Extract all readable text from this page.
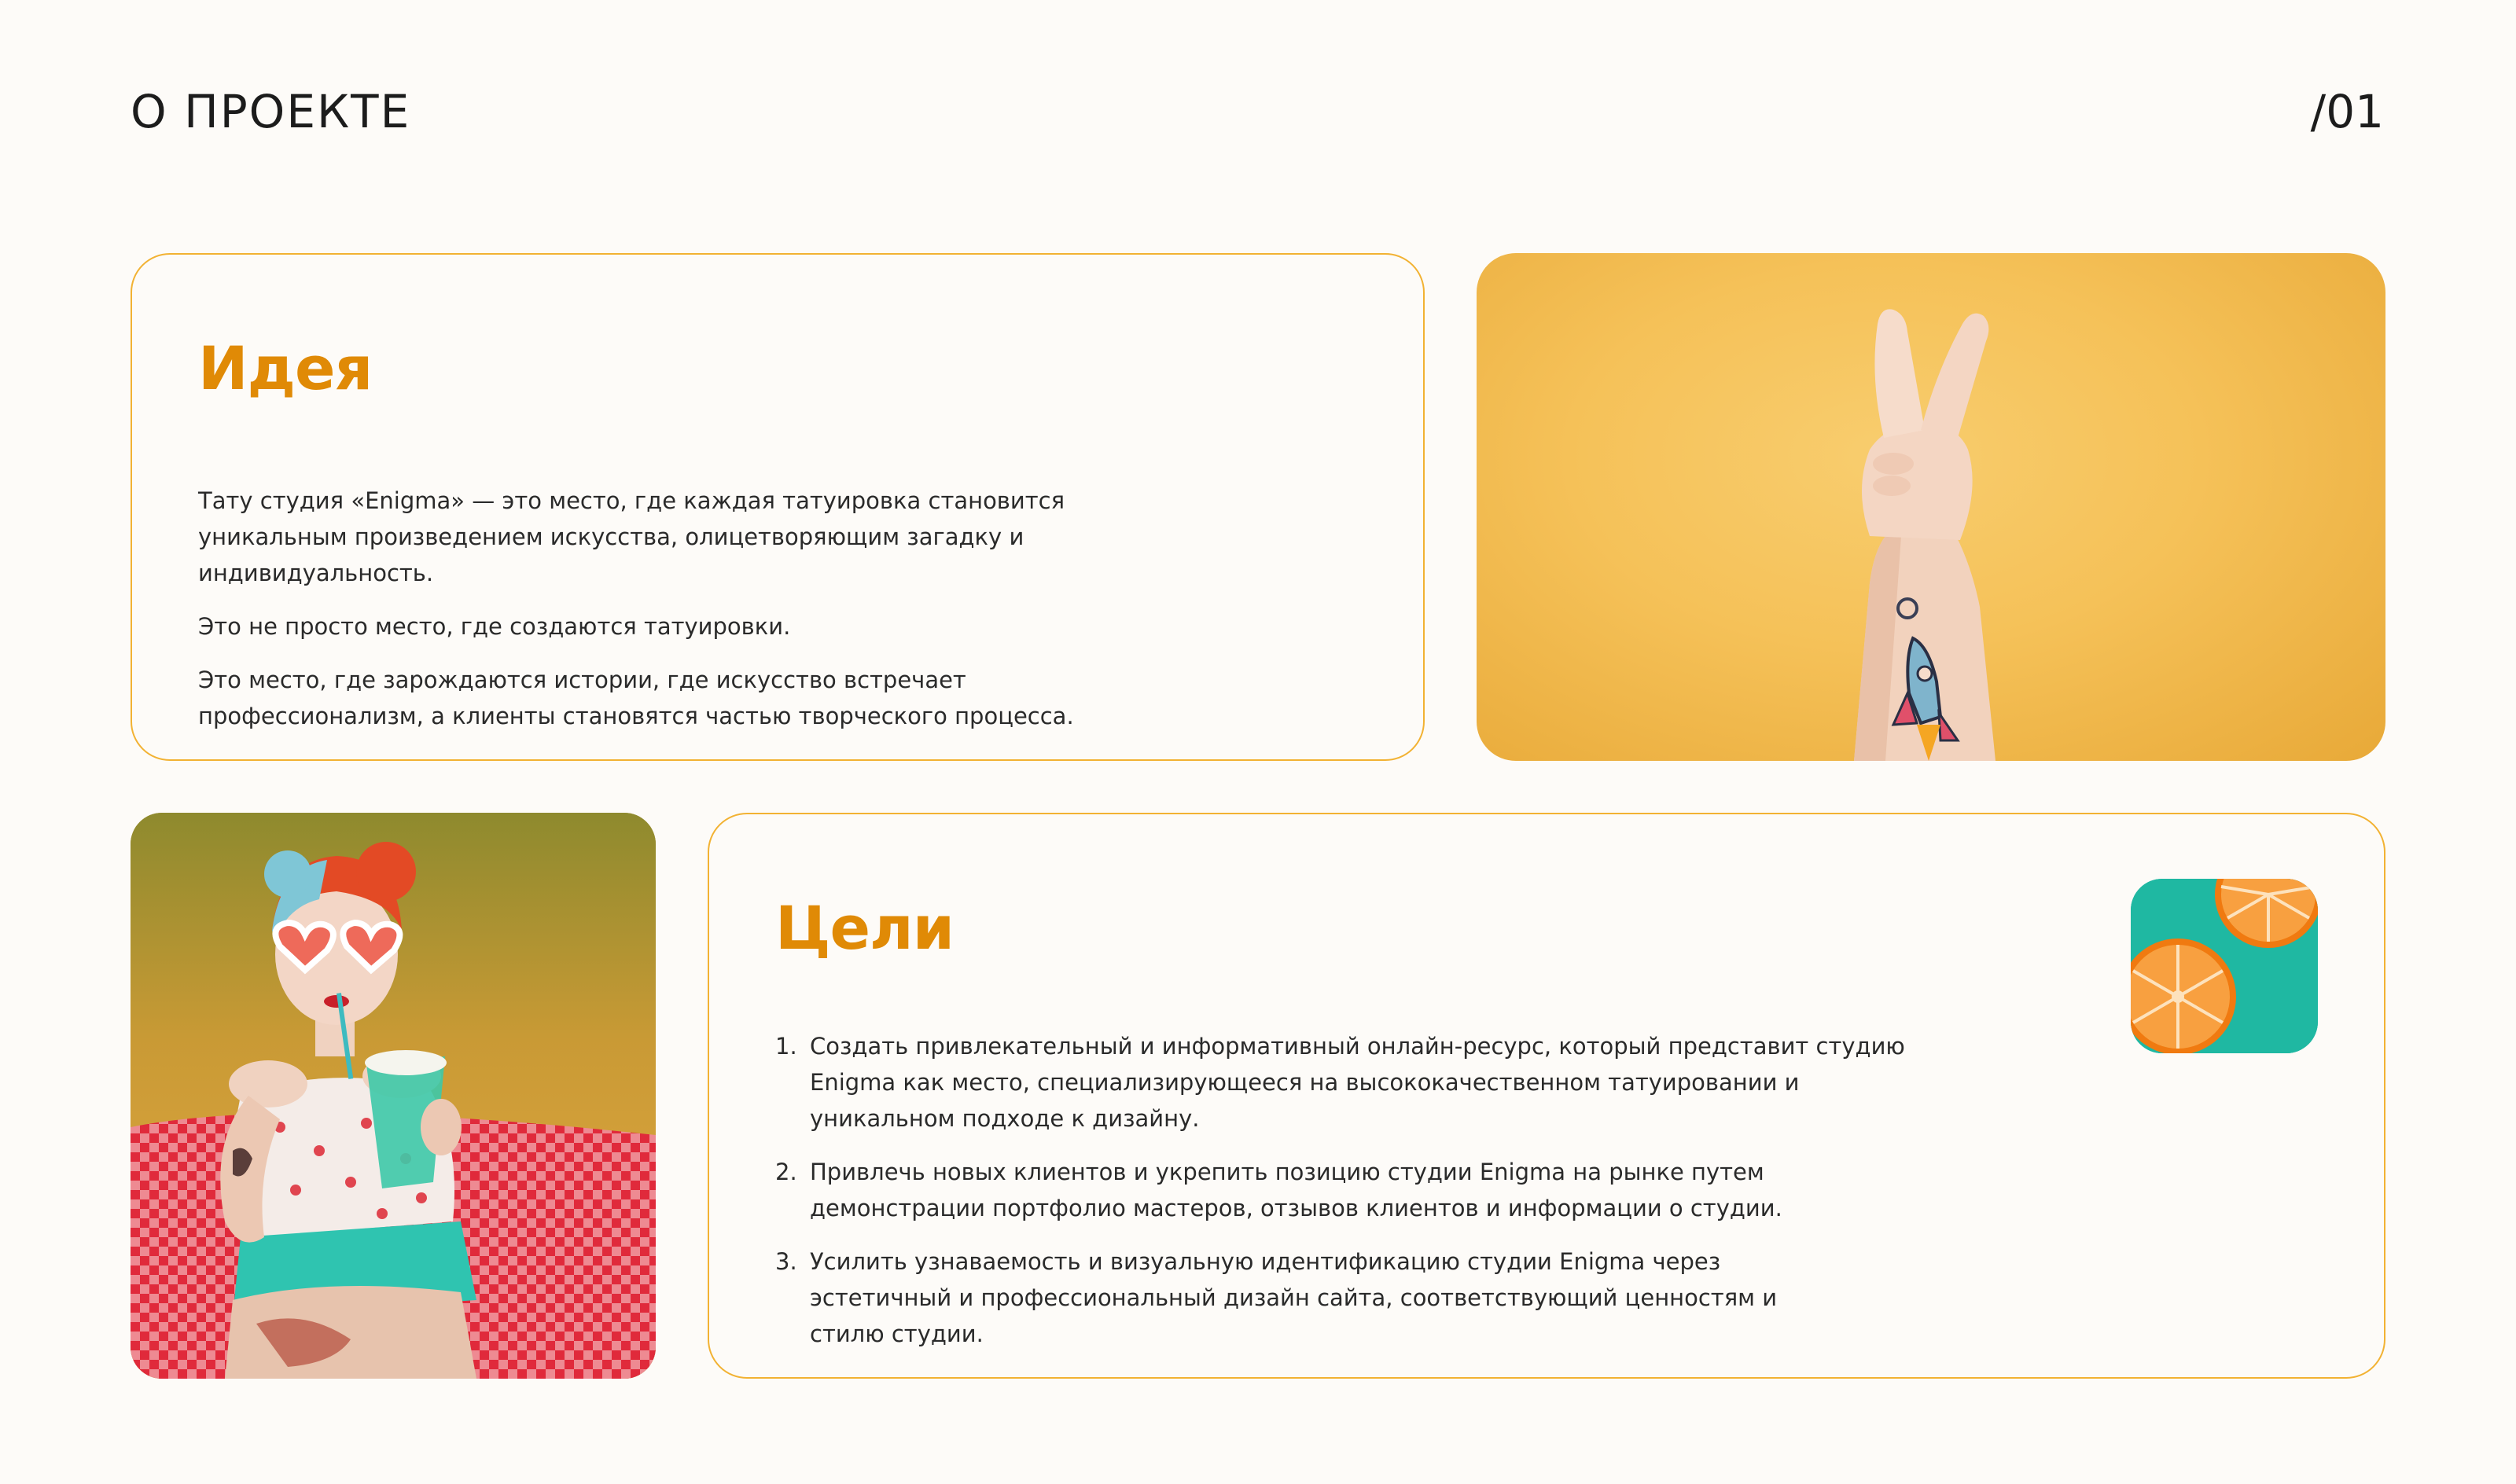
О ПРОЕКТЕ	/01
Идея

Тату студия «Enigma» — это место, где каждая татуировка становится уникальным произведением искусства, олицетворяющим загадку и индивидуальность.

Это не просто место, где создаются татуировки.

Это место, где зарождаются истории, где искусство встречает профессионализм, а клиенты становятся частью творческого процесса.

Цели
1. Создать привлекательный и информативный онлайн-ресурс, который представит студию Enigma как место, специализирующееся на высококачественном татуировании и уникальном подходе к дизайну.
2. Привлечь новых клиентов и укрепить позицию студии Enigma на рынке путем демонстрации портфолио мастеров, отзывов клиентов и информации о студии.
3. Усилить узнаваемость и визуальную идентификацию студии Enigma через эстетичный и профессиональный дизайн сайта, соответствующий ценностям и стилю студии.
